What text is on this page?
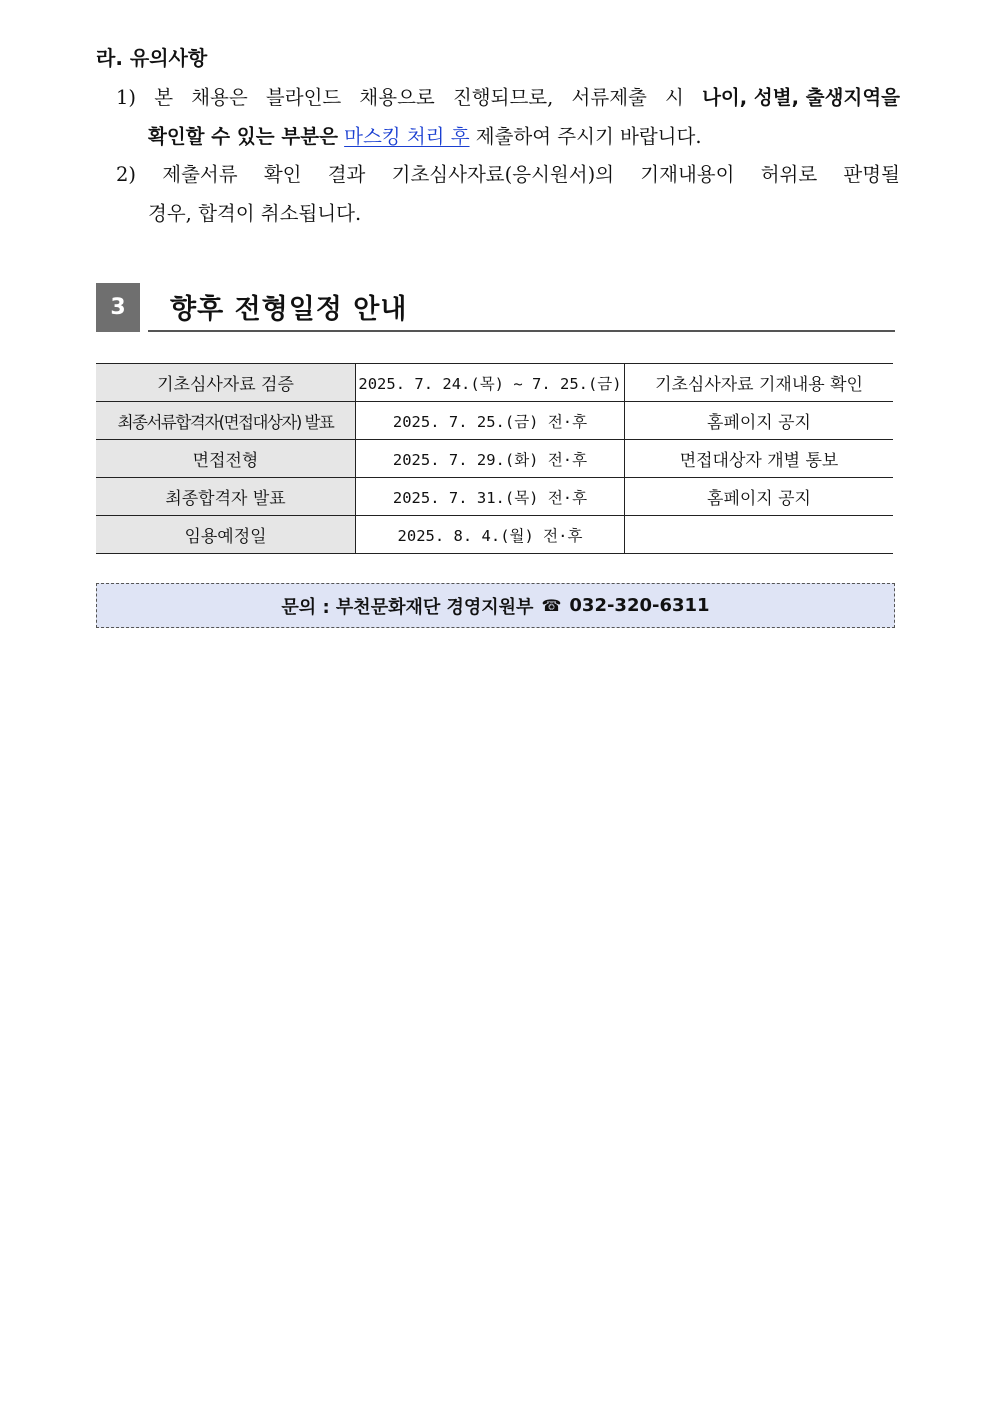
라. 유의사항
1) 본 채용은 블라인드 채용으로 진행되므로, 서류제출 시 나이, 성별, 출생지역을
확인할 수 있는 부분은 마스킹 처리 후 제출하여 주시기 바랍니다.
2) 제출서류 확인 결과 기초심사자료(응시원서)의 기재내용이 허위로 판명될
경우, 합격이 취소됩니다.
3	향후 전형일정 안내
기초심사자료 검증	2025. 7. 24.(목) ~ 7. 25.(금)	기초심사자료 기재내용 확인
최종서류합격자(면접대상자) 발표	2025. 7. 25.(금) 전·후	홈페이지 공지
면접전형	2025. 7. 29.(화) 전·후	면접대상자 개별 통보
최종합격자 발표	2025. 7. 31.(목) 전·후	홈페이지 공지
임용예정일	2025. 8. 4.(월) 전·후	
문의 : 부천문화재단 경영지원부 ☎ 032-320-6311
